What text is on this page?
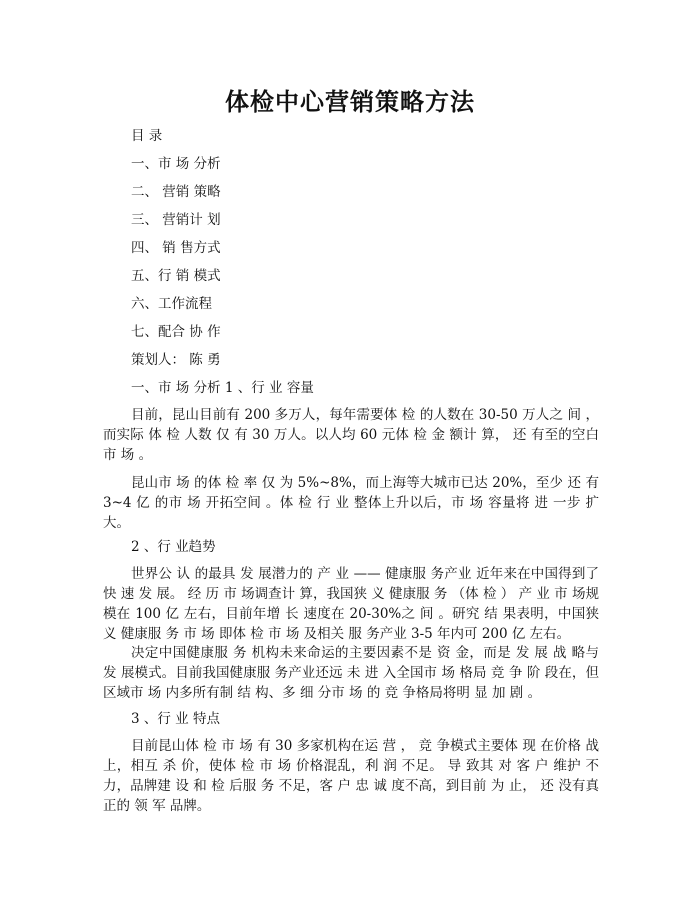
体检中心营销策略方法
目 录
一、市 场 分析
二、 营销 策略
三、 营销计 划
四、 销 售方式
五、行 销 模式
六、工作流程
七、配合 协 作
策划人： 陈 勇
一、市 场 分析 1 、行 业 容量

目前，昆山目前有 200 多万人，每年需要体 检 的人数在 30-50 万人之 间 ，而实际 体 检 人数 仅 有 30 万人。以人均 60 元体 检 金 额计 算， 还 有至的空白市 场 。

昆山市 场 的体 检 率 仅 为 5%~8%，而上海等大城市已达 20%，至少 还 有 3~4 亿 的市 场 开拓空间 。体 检 行 业 整体上升以后，市 场 容量将 进 一步 扩 大。

2 、行 业趋势

世界公 认 的最具 发 展潜力的 产 业 —— 健康服 务产业 近年来在中国得到了快 速 发 展。 经 历 市 场调查计 算，我国狭 义 健康服 务 （体 检 ） 产 业 市 场规 模在 100 亿 左右，目前年增 长 速度在 20-30%之 间 。研究 结 果表明，中国狭 义 健康服 务 市 场 即体 检 市 场 及相关 服 务产业 3-5 年内可 200 亿 左右。

决定中国健康服 务 机构未来命运的主要因素不是 资 金，而是 发 展 战 略与 发 展模式。目前我国健康服 务产业还远 未 进 入全国市 场 格局 竞 争 阶 段在，但区域市 场 内多所有制 结 构、多 细 分市 场 的 竞 争格局将明 显 加 剧 。

3 、行 业 特点

目前昆山体 检 市 场 有 30 多家机构在运 营 ， 竞 争模式主要体 现 在价格 战 上，相互 杀 价，使体 检 市 场 价格混乱，利 润 不足。 导 致其 对 客 户 维护 不力，品牌建 设 和 检 后服 务 不足，客 户 忠 诚 度不高，到目前 为 止， 还 没有真正的 领 军 品牌。
